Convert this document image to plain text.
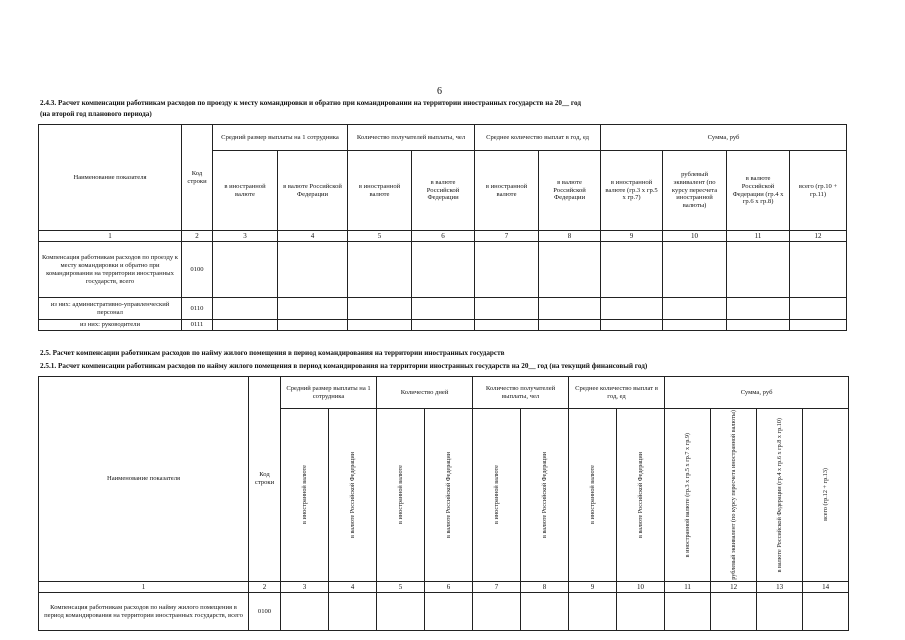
6
2.4.3. Расчет компенсации работникам расходов по проезду к месту командировки и обратно при командировании на территории иностранных государств на 20__ год
(на второй год планового периода)
Наименование показателя	Код строки	Средний размер выплаты на 1 сотрудника		Количество получателей выплаты, чел		Среднее количество выплат в год, ед		Сумма, руб			
		в иностранной валюте	в валюте Российской Федерации	в иностранной валюте	в валюте Российской Федерации	в иностранной валюте	в валюте Российской Федерации	в иностранной валюте (гр.3 x гр.5 x гр.7)	рублевый эквивалент (по курсу пересчета иностранной валюты)	в валюте Российской Федерации (гр.4 x гр.6 x гр.8)	всего (гр.10 + гр.11)
1	2	3	4	5	6	7	8	9	10	11	12
Компенсация работникам расходов по проезду к месту командировки и обратно при командировании на территории иностранных государств, всего	0100										
из них: административно-управленческий персонал	0110										
из них: руководители	0111										
2.5. Расчет компенсации работникам расходов по найму жилого помещения в период командирования на территории иностранных государств
2.5.1. Расчет компенсации работникам расходов по найму жилого помещения в период командирования на территории иностранных государств на 20__ год (на текущий финансовый год)
Наименование показателя	Код строки	Средний размер выплаты на 1 сотрудника		Количество дней		Количество получателей выплаты, чел		Среднее количество выплат в год, ед		Сумма, руб			

		в иностранной валюте	в валюте Российской Федерации	в иностранной валюте	в валюте Российской Федерации	в иностранной валюте	в валюте Российской Федерации	в иностранной валюте	в валюте Российской Федерации	в иностранной валюте (гр.3 x гр.5 x гр.7 x гр.9)	рублевый эквивалент (по курсу пересчета иностранной валюты)	в валюте Российской Федерации (гр.4 x гр.6 x гр.8 x гр.10)	всего (гр.12 + гр.13)

1	2	3	4	5	6	7	8	9	10	11	12	13	14
Компенсация работникам расходов по найму жилого помещения в период командирования на территории иностранных государств, всего	0100												
